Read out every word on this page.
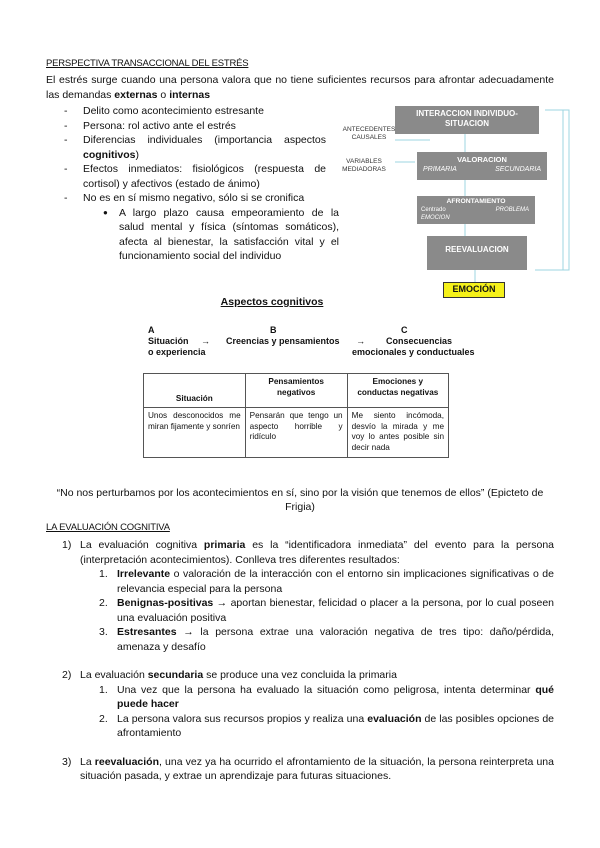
PERSPECTIVA TRANSACCIONAL DEL ESTRÉS
El estrés surge cuando una persona valora que no tiene suficientes recursos para afrontar adecuadamente las demandas externas o internas
- Delito como acontecimiento estresante
- Persona: rol activo ante el estrés
- Diferencias individuales (importancia aspectos cognitivos)
- Efectos inmediatos: fisiológicos (respuesta de cortisol) y afectivos (estado de ánimo)
- No es en sí mismo negativo, sólo si se cronifica
● A largo plazo causa empeoramiento de la salud mental y física (síntomas somáticos), afecta al bienestar, la satisfacción vital y el funcionamiento social del individuo
INTERACCION INDIVIDUO-SITUACION
ANTECEDENTES CAUSALES
VARIABLES MEDIADORAS
VALORACION
PRIMARIA	SECUNDARIA
AFRONTAMIENTO
Centrado	PROBLEMA
EMOCION
REEVALUACION
EMOCIÓN
Aspectos cognitivos
A	B	C
Situación →
o experiencia
Creencias y pensamientos → Consecuencias
emocionales y conductuales
Situación	Pensamientos negativos	Emociones y conductas negativas
Unos desconocidos me miran fijamente y sonríen	Pensarán que tengo un aspecto horrible y ridículo	Me siento incómoda, desvío la mirada y me voy lo antes posible sin decir nada
“No nos perturbamos por los acontecimientos en sí, sino por la visión que tenemos de ellos” (Epicteto de Frigia)
LA EVALUACIÓN COGNITIVA
1) La evaluación cognitiva primaria es la “identificadora inmediata” del evento para la persona (interpretación acontecimientos). Conlleva tres diferentes resultados:
1. Irrelevante o valoración de la interacción con el entorno sin implicaciones significativas o de relevancia especial para la persona
2. Benignas-positivas → aportan bienestar, felicidad o placer a la persona, por lo cual poseen una evaluación positiva
3. Estresantes → la persona extrae una valoración negativa de tres tipo: daño/pérdida, amenaza y desafío
2) La evaluación secundaria se produce una vez concluida la primaria
1. Una vez que la persona ha evaluado la situación como peligrosa, intenta determinar qué puede hacer
2. La persona valora sus recursos propios y realiza una evaluación de las posibles opciones de afrontamiento
3) La reevaluación, una vez ya ha ocurrido el afrontamiento de la situación, la persona reinterpreta una situación pasada, y extrae un aprendizaje para futuras situaciones.
